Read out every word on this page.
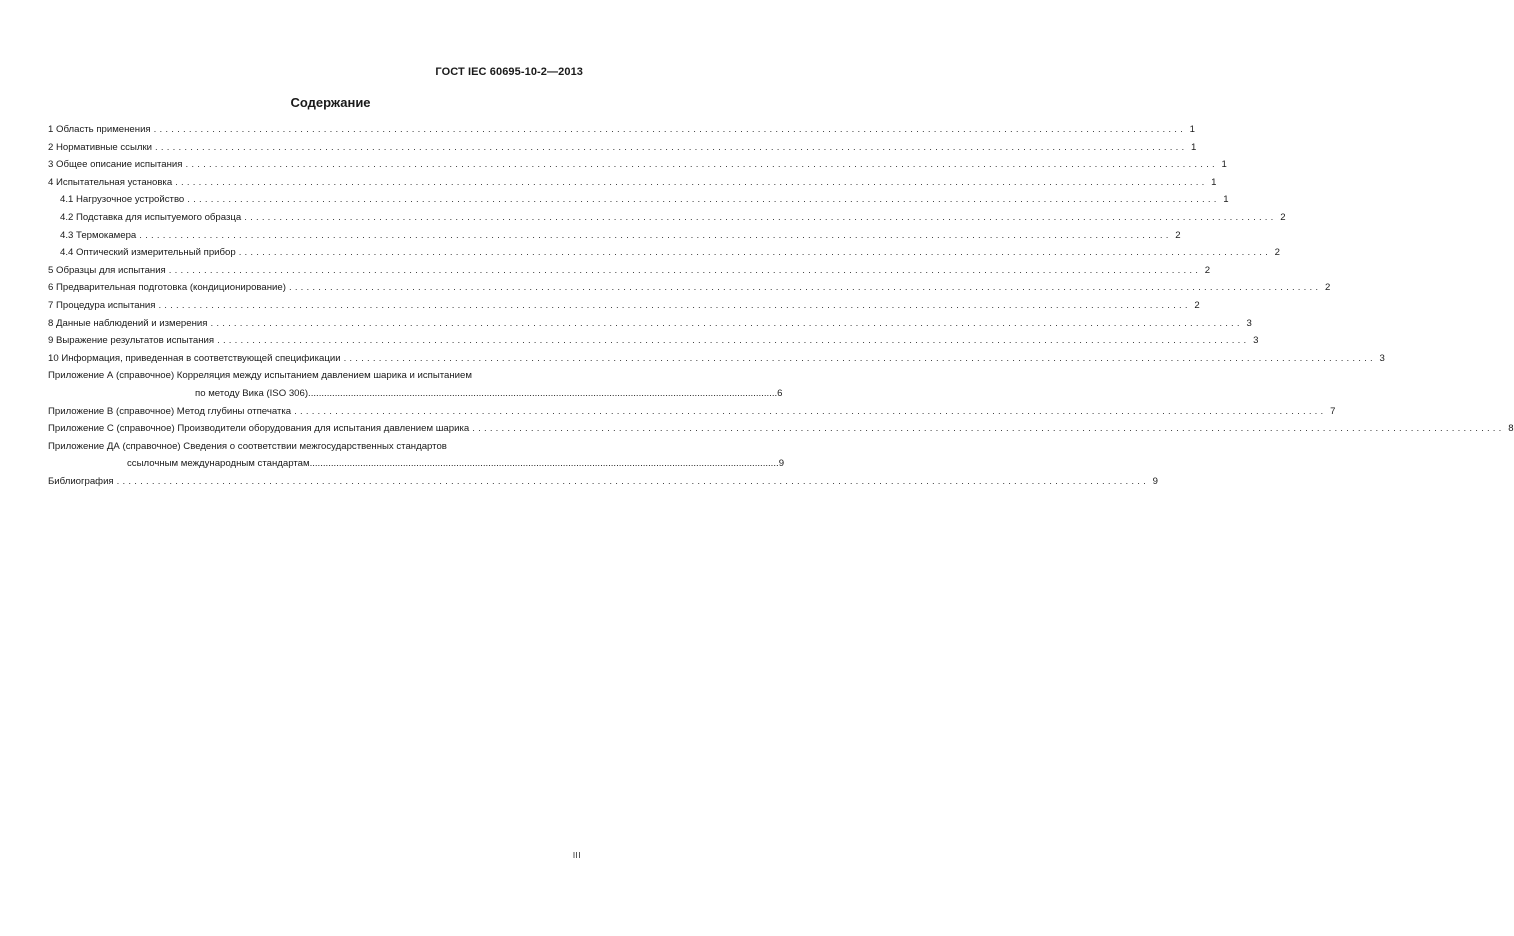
ГОСТ IEC 60695-10-2—2013
Содержание
1 Область применения ................................................................................................................................................................................ 1
2 Нормативные ссылки ................................................................................................................................................................................ 1
3 Общее описание испытания ................................................................................................................................................................................ 1
4 Испытательная установка ................................................................................................................................................................................ 1
4.1 Нагрузочное устройство ................................................................................................................................................................................ 1
4.2 Подставка для испытуемого образца ................................................................................................................................................................................ 2
4.3 Термокамера ................................................................................................................................................................................ 2
4.4 Оптический измерительный прибор ................................................................................................................................................................................ 2
5 Образцы для испытания ................................................................................................................................................................................ 2
6 Предварительная подготовка (кондиционирование) ................................................................................................................................................................................ 2
7 Процедура испытания ................................................................................................................................................................................ 2
8 Данные наблюдений и измерения ................................................................................................................................................................................ 3
9 Выражение результатов испытания ................................................................................................................................................................................ 3
10 Информация, приведенная в соответствующей спецификации ................................................................................................................................................................................ 3
Приложение А (справочное) Корреляция между испытанием давлением шарика и испытанием
по методу Вика (ISO 306) ................................................................................................................................................................................ 6
Приложение В (справочное) Метод глубины отпечатка ................................................................................................................................................................................ 7
Приложение С (справочное) Производители оборудования для испытания давлением шарика ................................................................................................................................................................................ 8
Приложение ДА (справочное) Сведения о соответствии межгосударственных стандартов
ссылочным международным стандартам ................................................................................................................................................................................ 9
Библиография ................................................................................................................................................................................ 9
III
